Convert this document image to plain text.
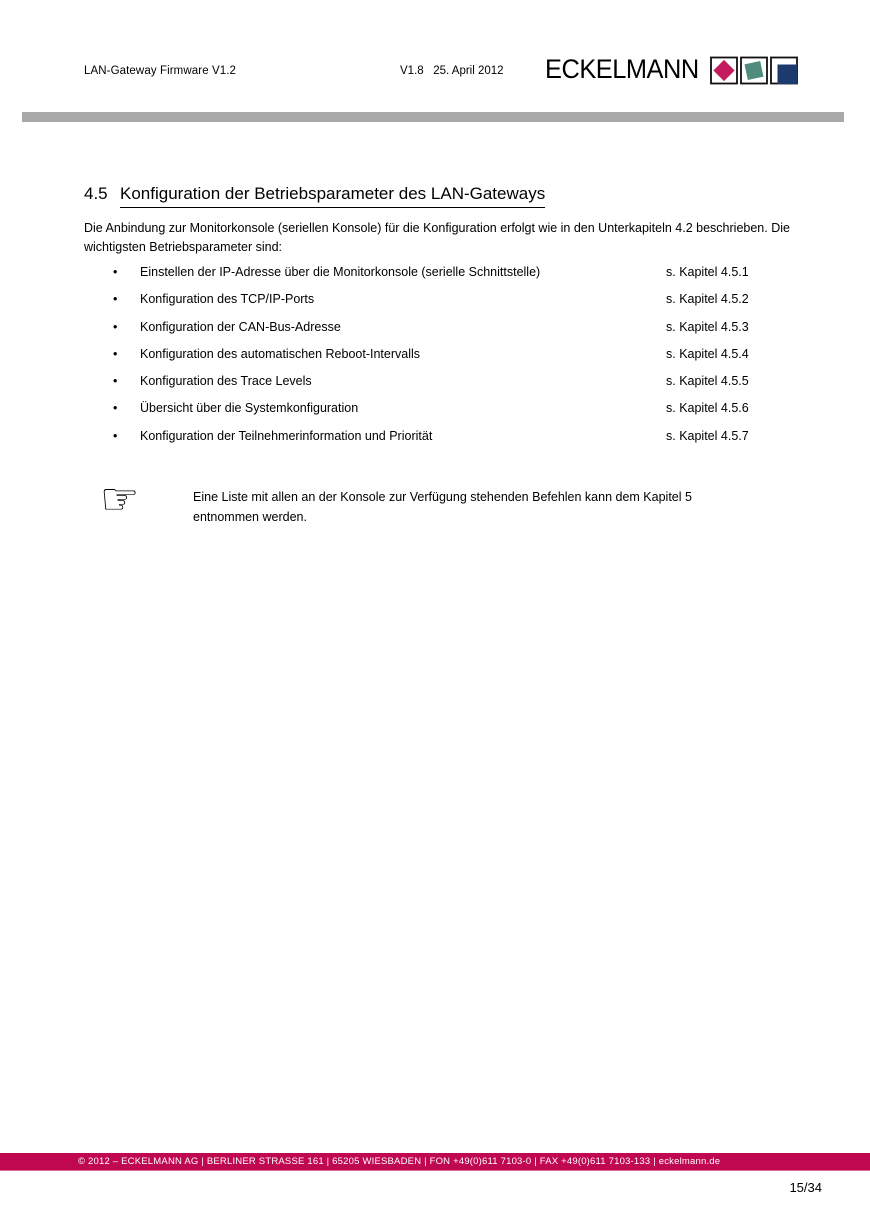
LAN-Gateway Firmware V1.2	V1.8   25. April 2012 ECKELMANN
4.5 Konfiguration der Betriebsparameter des LAN-Gateways

Die Anbindung zur Monitorkonsole (seriellen Konsole) für die Konfiguration erfolgt wie in den Unterkapiteln 4.2 beschrieben. Die wichtigsten Betriebsparameter sind:

•	Einstellen der IP-Adresse über die Monitorkonsole (serielle Schnittstelle)	s. Kapitel 4.5.1
•	Konfiguration des TCP/IP-Ports	s. Kapitel 4.5.2
•	Konfiguration der CAN-Bus-Adresse	s. Kapitel 4.5.3
•	Konfiguration des automatischen Reboot-Intervalls	s. Kapitel 4.5.4
•	Konfiguration des Trace Levels	s. Kapitel 4.5.5
•	Übersicht über die Systemkonfiguration	s. Kapitel 4.5.6
•	Konfiguration der Teilnehmerinformation und Priorität	s. Kapitel 4.5.7
☞	Eine Liste mit allen an der Konsole zur Verfügung stehenden Befehlen kann dem Kapitel 5 entnommen werden.

© 2012 – ECKELMANN AG | BERLINER STRASSE 161 | 65205 WIESBADEN | FON +49(0)611 7103-0 | FAX +49(0)611 7103-133 | eckelmann.de
15/34
